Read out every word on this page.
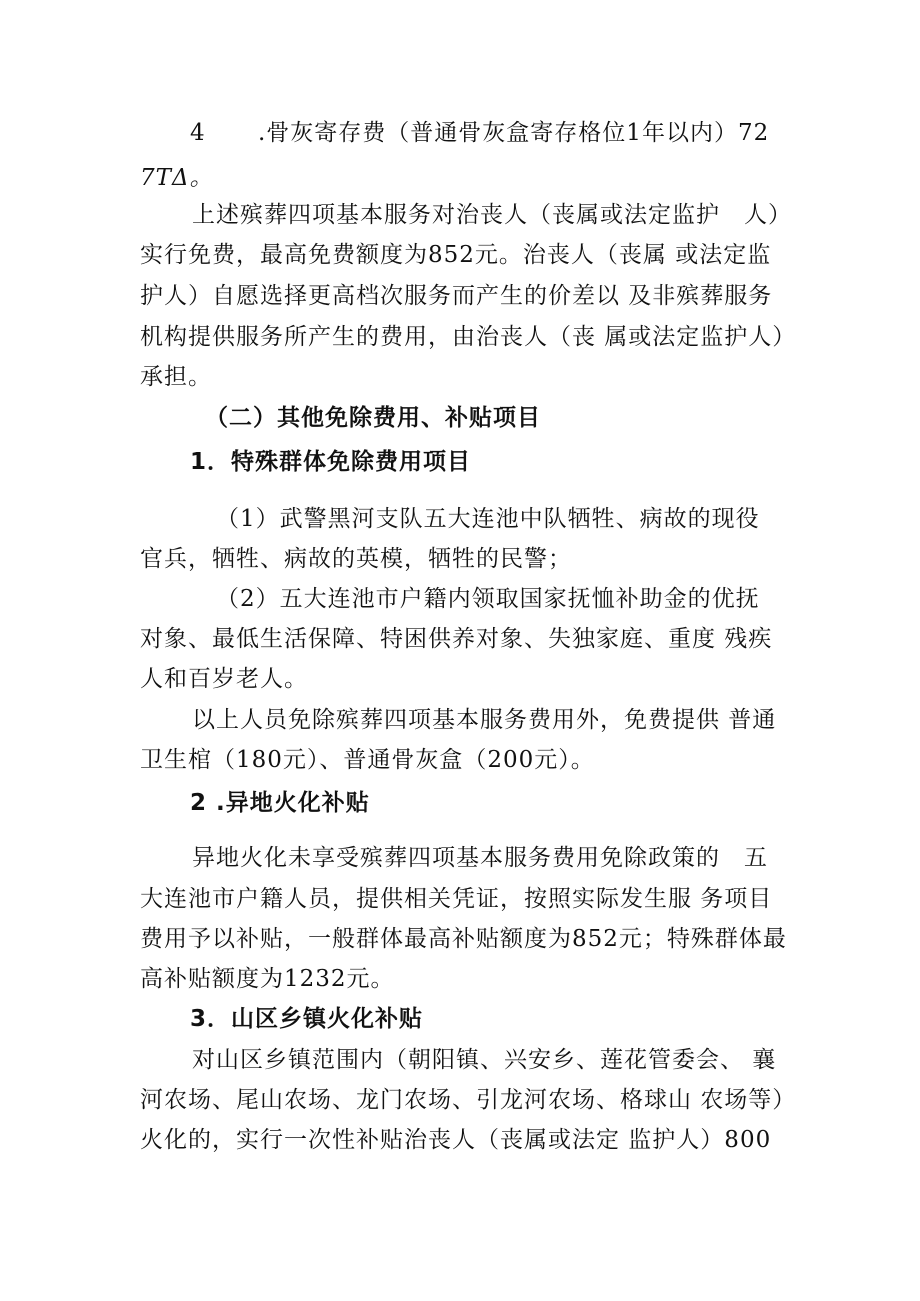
4 .骨灰寄存费（普通骨灰盒寄存格位1年以内）72
7TΔ。
上述殡葬四项基本服务对治丧人（丧属或法定监护　人）
实行免费，最高免费额度为852元。治丧人（丧属 或法定监
护人）自愿选择更高档次服务而产生的价差以 及非殡葬服务
机构提供服务所产生的费用，由治丧人（丧 属或法定监护人）
承担。
（二）其他免除费用、补贴项目
1．特殊群体免除费用项目
（1）武警黑河支队五大连池中队牺牲、病故的现役
官兵，牺牲、病故的英模，牺牲的民警；
（2）五大连池市户籍内领取国家抚恤补助金的优抚
对象、最低生活保障、特困供养对象、失独家庭、重度 残疾
人和百岁老人。
以上人员免除殡葬四项基本服务费用外，免费提供 普通
卫生棺（180元）、普通骨灰盒（200元）。
2 .异地火化补贴
异地火化未享受殡葬四项基本服务费用免除政策的　五
大连池市户籍人员，提供相关凭证，按照实际发生服 务项目
费用予以补贴，一般群体最高补贴额度为852元；特殊群体最
高补贴额度为1232元。
3．山区乡镇火化补贴
对山区乡镇范围内（朝阳镇、兴安乡、莲花管委会、 襄
河农场、尾山农场、龙门农场、引龙河农场、格球山 农场等）
火化的，实行一次性补贴治丧人（丧属或法定 监护人）800
